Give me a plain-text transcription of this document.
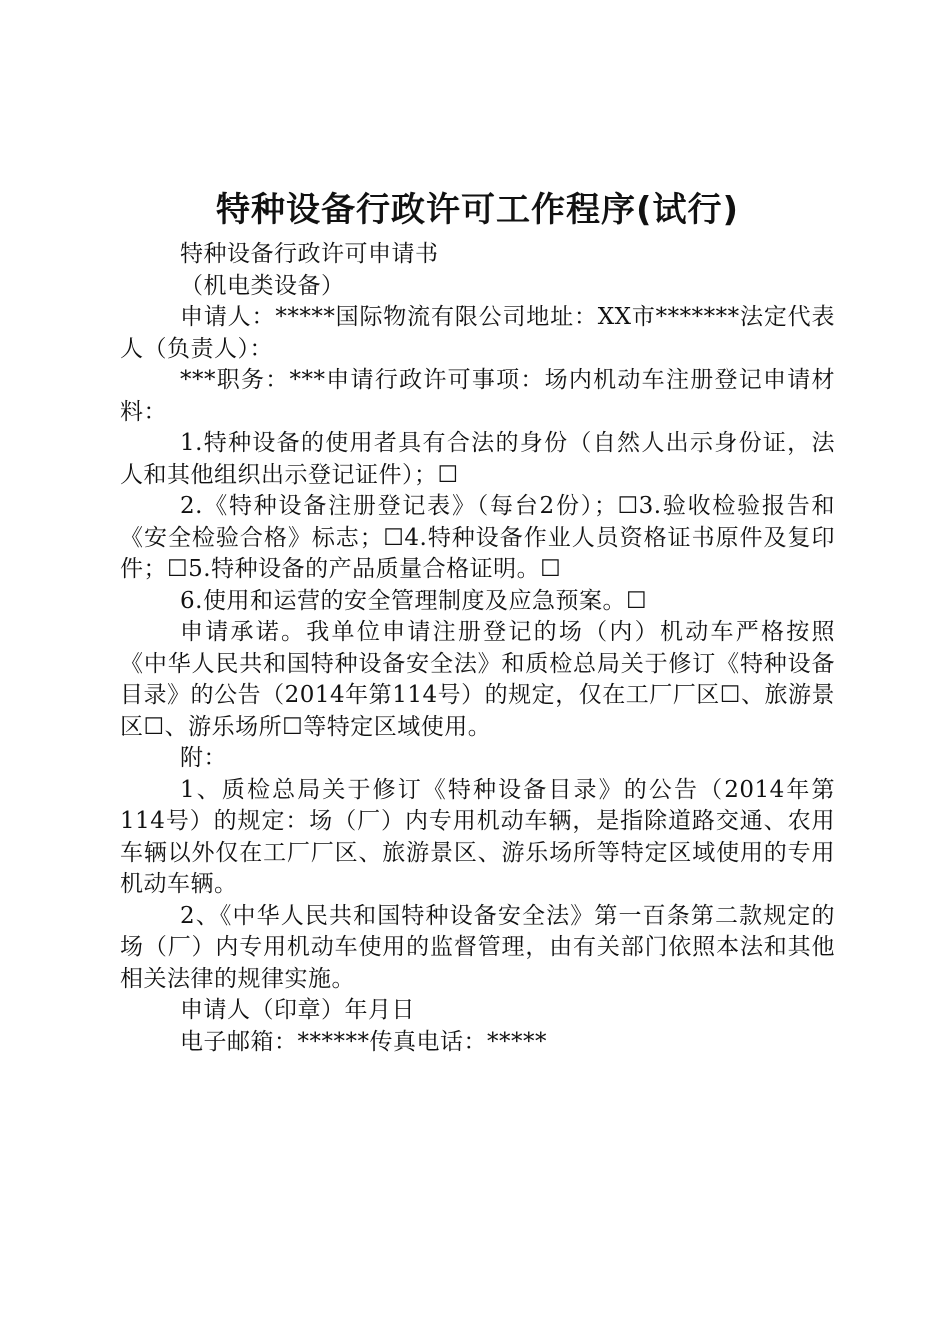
特种设备行政许可工作程序(试行)

特种设备行政许可申请书

（机电类设备）

申请人：*****国际物流有限公司地址：XX市*******法定代表人（负责人）：

***职务：***申请行政许可事项：场内机动车注册登记申请材料：

1.特种设备的使用者具有合法的身份（自然人出示身份证，法人和其他组织出示登记证件）；☐

2.《特种设备注册登记表》（每台2份）；☐3.验收检验报告和《安全检验合格》标志；☐4.特种设备作业人员资格证书原件及复印件；☐5.特种设备的产品质量合格证明。☐

6.使用和运营的安全管理制度及应急预案。☐

申请承诺。我单位申请注册登记的场（内）机动车严格按照《中华人民共和国特种设备安全法》和质检总局关于修订《特种设备目录》的公告（2014年第114号）的规定，仅在工厂厂区☐、旅游景区☐、游乐场所☐等特定区域使用。

附：

1、质检总局关于修订《特种设备目录》的公告（2014年第114号）的规定：场（厂）内专用机动车辆，是指除道路交通、农用车辆以外仅在工厂厂区、旅游景区、游乐场所等特定区域使用的专用机动车辆。

2、《中华人民共和国特种设备安全法》第一百条第二款规定的场（厂）内专用机动车使用的监督管理，由有关部门依照本法和其他相关法律的规律实施。

申请人（印章）年月日

电子邮箱：******传真电话：*****
